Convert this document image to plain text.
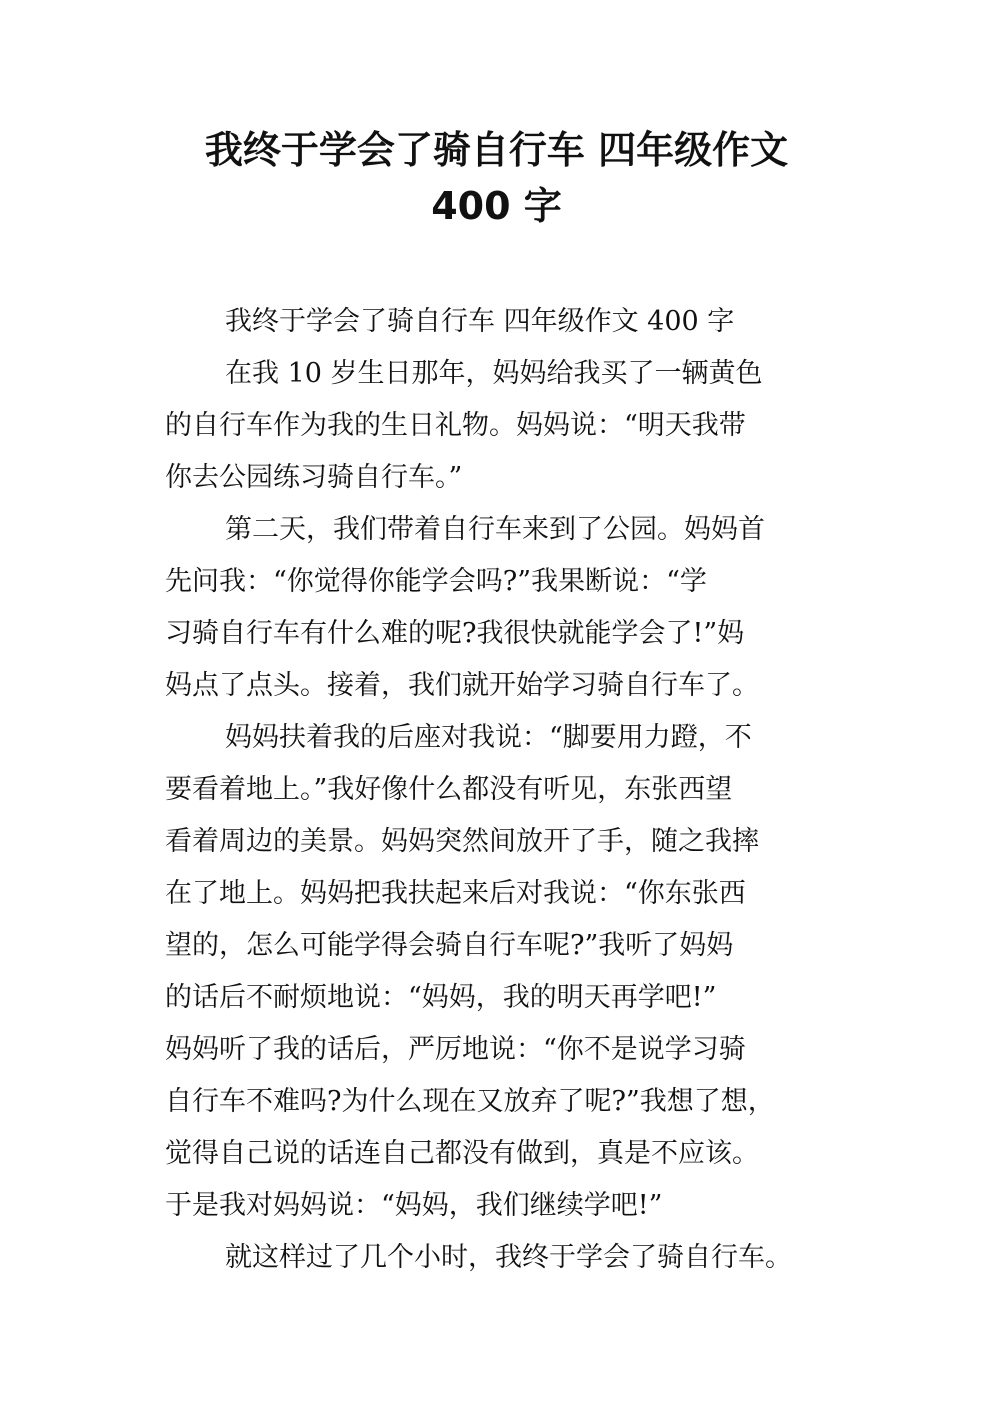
我终于学会了骑自行车 四年级作文
400 字
我终于学会了骑自行车 四年级作文 400 字
在我 10 岁生日那年，妈妈给我买了一辆黄色
的自行车作为我的生日礼物。妈妈说：“明天我带
你去公园练习骑自行车。”
第二天，我们带着自行车来到了公园。妈妈首
先问我：“你觉得你能学会吗?”我果断说：“学
习骑自行车有什么难的呢?我很快就能学会了!”妈
妈点了点头。接着，我们就开始学习骑自行车了。
妈妈扶着我的后座对我说：“脚要用力蹬，不
要看着地上。”我好像什么都没有听见，东张西望
看着周边的美景。妈妈突然间放开了手，随之我摔
在了地上。妈妈把我扶起来后对我说：“你东张西
望的，怎么可能学得会骑自行车呢?”我听了妈妈
的话后不耐烦地说：“妈妈，我的明天再学吧!”
妈妈听了我的话后，严厉地说：“你不是说学习骑
自行车不难吗?为什么现在又放弃了呢?”我想了想，
觉得自己说的话连自己都没有做到，真是不应该。
于是我对妈妈说：“妈妈，我们继续学吧!”
就这样过了几个小时，我终于学会了骑自行车。
